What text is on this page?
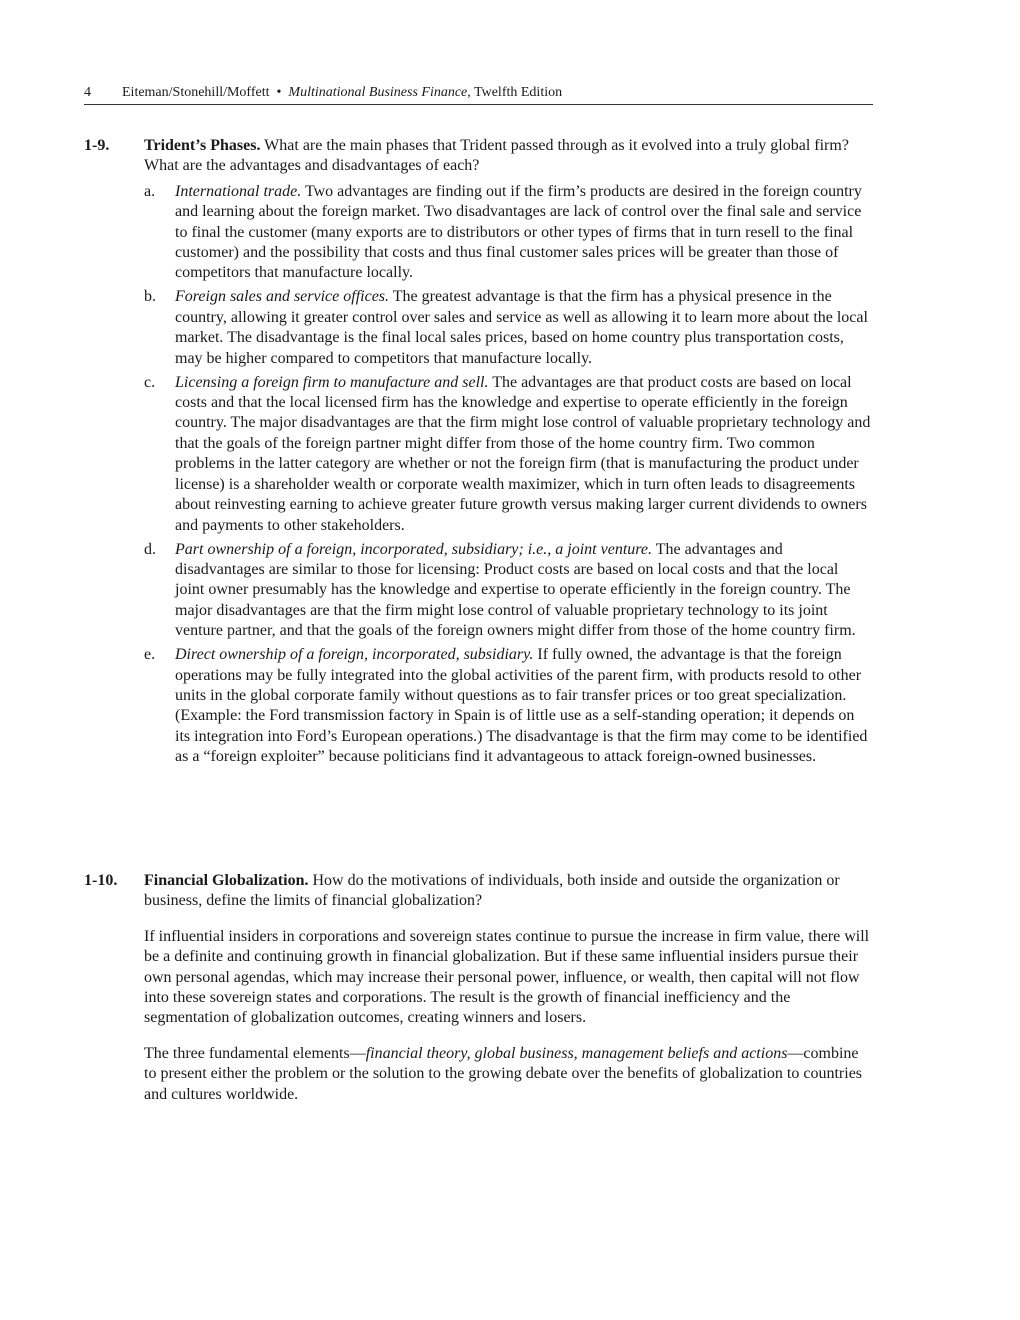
4 Eiteman/Stonehill/Moffett • Multinational Business Finance, Twelfth Edition
1-9. Trident’s Phases. What are the main phases that Trident passed through as it evolved into a truly global firm? What are the advantages and disadvantages of each?
a. International trade. Two advantages are finding out if the firm’s products are desired in the foreign country and learning about the foreign market. Two disadvantages are lack of control over the final sale and service to final the customer (many exports are to distributors or other types of firms that in turn resell to the final customer) and the possibility that costs and thus final customer sales prices will be greater than those of competitors that manufacture locally.
b. Foreign sales and service offices. The greatest advantage is that the firm has a physical presence in the country, allowing it greater control over sales and service as well as allowing it to learn more about the local market. The disadvantage is the final local sales prices, based on home country plus transportation costs, may be higher compared to competitors that manufacture locally.
c. Licensing a foreign firm to manufacture and sell. The advantages are that product costs are based on local costs and that the local licensed firm has the knowledge and expertise to operate efficiently in the foreign country. The major disadvantages are that the firm might lose control of valuable proprietary technology and that the goals of the foreign partner might differ from those of the home country firm. Two common problems in the latter category are whether or not the foreign firm (that is manufacturing the product under license) is a shareholder wealth or corporate wealth maximizer, which in turn often leads to disagreements about reinvesting earning to achieve greater future growth versus making larger current dividends to owners and payments to other stakeholders.
d. Part ownership of a foreign, incorporated, subsidiary; i.e., a joint venture. The advantages and disadvantages are similar to those for licensing: Product costs are based on local costs and that the local joint owner presumably has the knowledge and expertise to operate efficiently in the foreign country. The major disadvantages are that the firm might lose control of valuable proprietary technology to its joint venture partner, and that the goals of the foreign owners might differ from those of the home country firm.
e. Direct ownership of a foreign, incorporated, subsidiary. If fully owned, the advantage is that the foreign operations may be fully integrated into the global activities of the parent firm, with products resold to other units in the global corporate family without questions as to fair transfer prices or too great specialization. (Example: the Ford transmission factory in Spain is of little use as a self-standing operation; it depends on its integration into Ford’s European operations.) The disadvantage is that the firm may come to be identified as a “foreign exploiter” because politicians find it advantageous to attack foreign-owned businesses.
1-10. Financial Globalization. How do the motivations of individuals, both inside and outside the organization or business, define the limits of financial globalization?
If influential insiders in corporations and sovereign states continue to pursue the increase in firm value, there will be a definite and continuing growth in financial globalization. But if these same influential insiders pursue their own personal agendas, which may increase their personal power, influence, or wealth, then capital will not flow into these sovereign states and corporations. The result is the growth of financial inefficiency and the segmentation of globalization outcomes, creating winners and losers.
The three fundamental elements—financial theory, global business, management beliefs and actions—combine to present either the problem or the solution to the growing debate over the benefits of globalization to countries and cultures worldwide.
